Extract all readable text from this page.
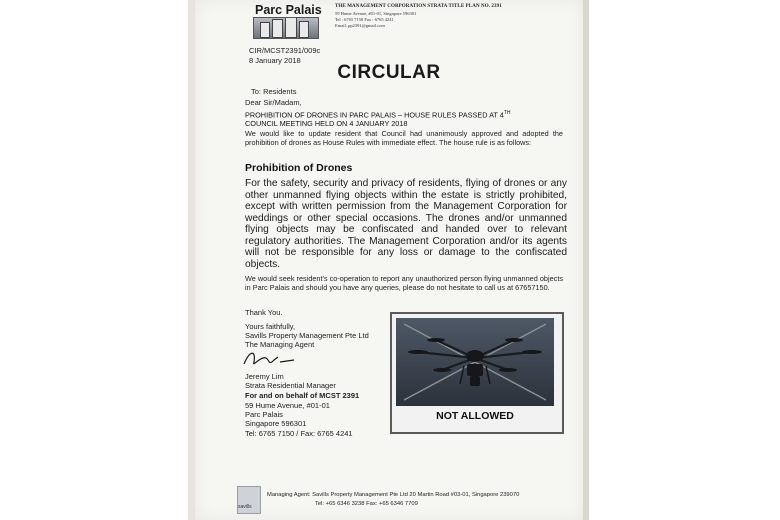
Parc Palais	THE MANAGEMENT CORPORATION STRATA TITLE PLAN NO. 2391
59 Hume Avenue, #01-01, Singapore 596301
Tel : 6765 7150 Fax : 6765 4241
Email: pp2391@gmail.com
CIR/MCST2391/009c
8 January 2018
CIRCULAR
To: Residents
Dear Sir/Madam,
PROHIBITION OF DRONES IN PARC PALAIS – HOUSE RULES PASSED AT 4TH
COUNCIL MEETING HELD ON 4 JANUARY 2018
We would like to update resident that Council had unanimously approved and adopted the prohibition of drones as House Rules with immediate effect. The house rule is as follows:
Prohibition of Drones
For the safety, security and privacy of residents, flying of drones or any other unmanned flying objects within the estate is strictly prohibited, except with written permission from the Management Corporation for weddings or other special occasions. The drones and/or unmanned flying objects may be confiscated and handed over to relevant regulatory authorities. The Management Corporation and/or its agents will not be responsible for any loss or damage to the confiscated objects.
We would seek resident's co-operation to report any unauthorized person flying unmanned objects in Parc Palais and should you have any queries, please do not hesitate to call us at 67657150.
Thank You.
Yours faithfully,
Savills Property Management Pte Ltd
The Managing Agent
Jeremy Lim
Strata Residential Manager
For and on behalf of MCST 2391
59 Hume Avenue, #01-01
Parc Palais
Singapore 596301
Tel: 6765 7150 / Fax: 6765 4241
NOT ALLOWED
savills
Managing Agent: Savills Property Management Pte Ltd 20 Martin Road #03-01, Singapore 239070
Tel: +65 6346 3238 Fax: +65 6346 7709
